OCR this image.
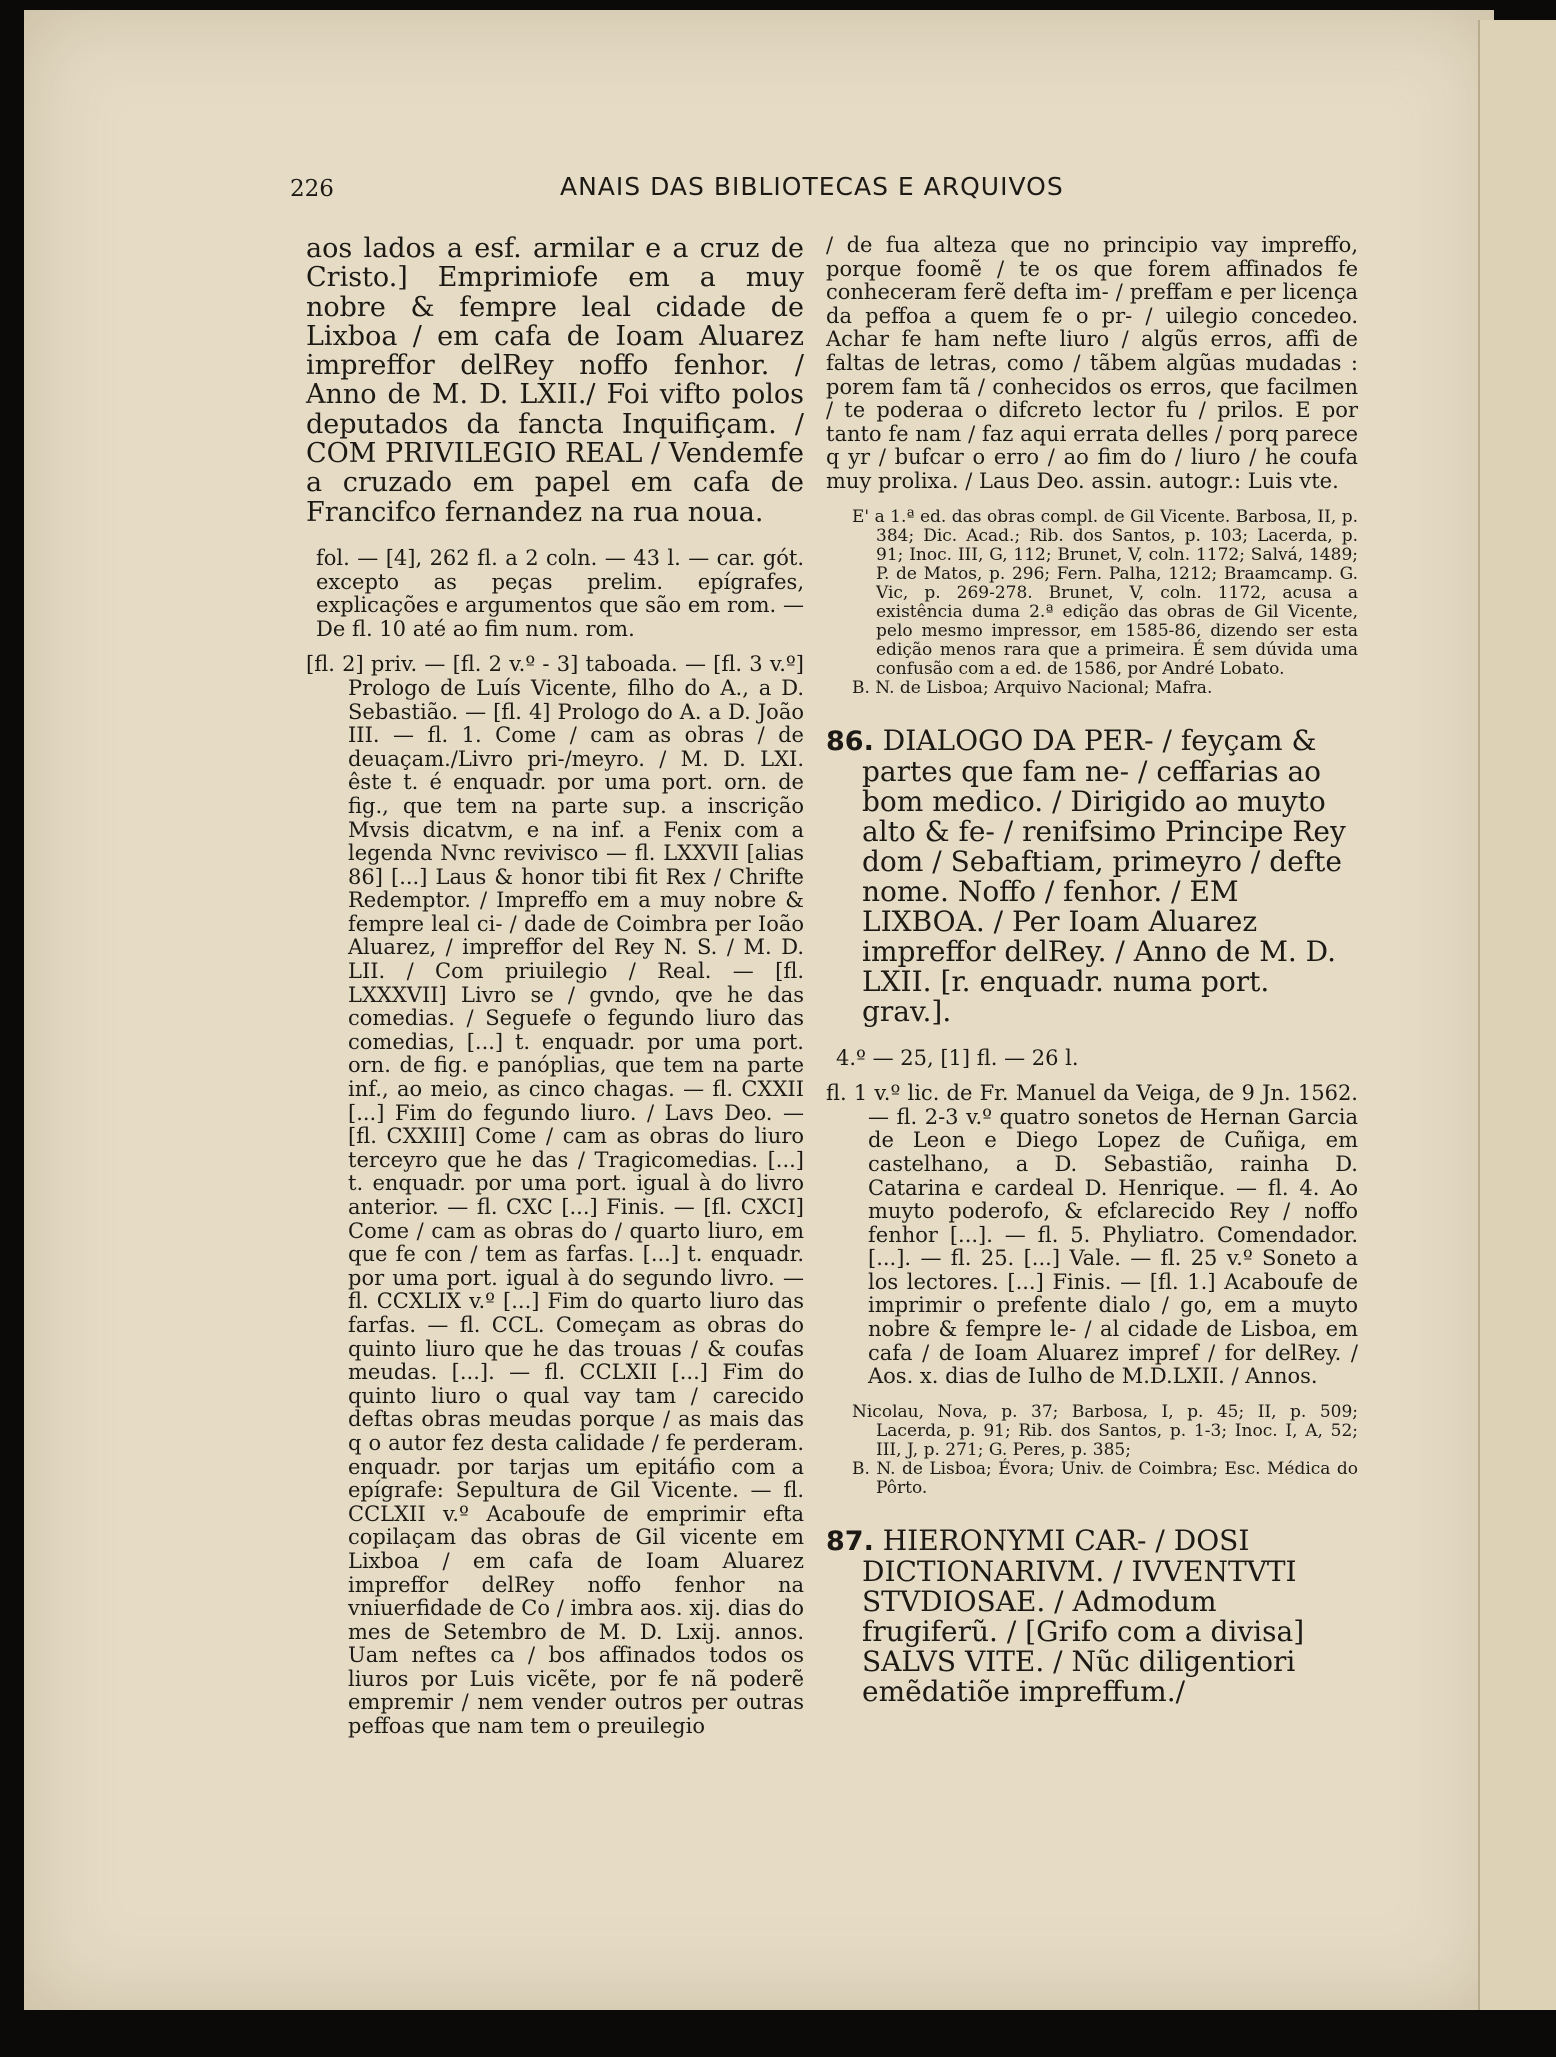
226	ANAIS DAS BIBLIOTECAS E ARQUIVOS

aos lados a esf. armilar e a cruz de Cristo.] Emprimiofe em a muy nobre & fempre leal cidade de Lixboa / em cafa de Ioam Aluarez impreffor delRey noffo fenhor. / Anno de M. D. LXII./ Foi vifto polos deputados da fancta Inquifiçam. / COM PRIVILEGIO REAL / Vendemfe a cruzado em papel em cafa de Francifco fernandez na rua noua.

fol. — [4], 262 fl. a 2 coln. — 43 l. — car. gót. excepto as peças prelim. epígrafes, explicações e argumentos que são em rom. — De fl. 10 até ao fim num. rom.

[fl. 2] priv. — [fl. 2 v.º - 3] taboada. — [fl. 3 v.º] Prologo de Luís Vicente, filho do A., a D. Sebastião. — [fl. 4] Prologo do A. a D. João III. — fl. 1. Come / cam as obras / de deuaçam./Livro pri-/meyro. / M. D. LXI. êste t. é enquadr. por uma port. orn. de fig., que tem na parte sup. a inscrição Mvsis dicatvm, e na inf. a Fenix com a legenda Nvnc revivisco — fl. LXXVII [alias 86] [...] Laus & honor tibi fit Rex / Chrifte Redemptor. / Impreffo em a muy nobre & fempre leal ci- / dade de Coimbra per Ioão Aluarez, / impreffor del Rey N. S. / M. D. LII. / Com priuilegio / Real. — [fl. LXXXVII] Livro se / gvndo, qve he das comedias. / Seguefe o fegundo liuro das comedias, [...] t. enquadr. por uma port. orn. de fig. e panóplias, que tem na parte inf., ao meio, as cinco chagas. — fl. CXXII [...] Fim do fegundo liuro. / Lavs Deo. — [fl. CXXIII] Come / cam as obras do liuro terceyro que he das / Tragicomedias. [...] t. enquadr. por uma port. igual à do livro anterior. — fl. CXC [...] Finis. — [fl. CXCI] Come / cam as obras do / quarto liuro, em que fe con / tem as farfas. [...] t. enquadr. por uma port. igual à do segundo livro. — fl. CCXLIX v.º [...] Fim do quarto liuro das farfas. — fl. CCL. Começam as obras do quinto liuro que he das trouas / & coufas meudas. [...]. — fl. CCLXII [...] Fim do quinto liuro o qual vay tam / carecido deftas obras meudas porque / as mais das q o autor fez desta calidade / fe perderam. enquadr. por tarjas um epitáfio com a epígrafe: Sepultura de Gil Vicente. — fl. CCLXII v.º Acaboufe de emprimir efta copilaçam das obras de Gil vicente em Lixboa / em cafa de Ioam Aluarez impreffor delRey noffo fenhor na vniuerfidade de Co / imbra aos. xij. dias do mes de Setembro de M. D. Lxij. annos. Uam neftes ca / bos affinados todos os liuros por Luis vicẽte, por fe nã poderẽ empremir / nem vender outros per outras peffoas que nam tem o preuilegio

/ de fua alteza que no principio vay impreffo, porque foomẽ / te os que forem affinados fe conheceram ferẽ defta im- / preffam e per licença da peffoa a quem fe o pr- / uilegio concedeo. Achar fe ham nefte liuro / algũs erros, affi de faltas de letras, como / tãbem algũas mudadas : porem fam tã / conhecidos os erros, que facilmen / te poderaa o difcreto lector fu / prilos. E por tanto fe nam / faz aqui errata delles / porq parece q yr / bufcar o erro / ao fim do / liuro / he coufa muy prolixa. / Laus Deo. assin. autogr.: Luis vte.

E' a 1.ª ed. das obras compl. de Gil Vicente. Barbosa, II, p. 384; Dic. Acad.; Rib. dos Santos, p. 103; Lacerda, p. 91; Inoc. III, G, 112; Brunet, V, coln. 1172; Salvá, 1489; P. de Matos, p. 296; Fern. Palha, 1212; Braamcamp. G. Vic, p. 269-278. Brunet, V, coln. 1172, acusa a existência duma 2.ª edição das obras de Gil Vicente, pelo mesmo impressor, em 1585-86, dizendo ser esta edição menos rara que a primeira. É sem dúvida uma confusão com a ed. de 1586, por André Lobato.

B. N. de Lisboa; Arquivo Nacional; Mafra.

86. DIALOGO DA PER- / feyçam & partes que fam ne- / ceffarias ao bom medico. / Dirigido ao muyto alto & fe- / renifsimo Principe Rey dom / Sebaftiam, primeyro / defte nome. Noffo / fenhor. / EM LIXBOA. / Per Ioam Aluarez impreffor delRey. / Anno de M. D. LXII. [r. enquadr. numa port. grav.].

4.º — 25, [1] fl. — 26 l.

fl. 1 v.º lic. de Fr. Manuel da Veiga, de 9 Jn. 1562. — fl. 2-3 v.º quatro sonetos de Hernan Garcia de Leon e Diego Lopez de Cuñiga, em castelhano, a D. Sebastião, rainha D. Catarina e cardeal D. Henrique. — fl. 4. Ao muyto poderofo, & efclarecido Rey / noffo fenhor [...]. — fl. 5. Phyliatro. Comendador. [...]. — fl. 25. [...] Vale. — fl. 25 v.º Soneto a los lectores. [...] Finis. — [fl. 1.] Acaboufe de imprimir o prefente dialo / go, em a muyto nobre & fempre le- / al cidade de Lisboa, em cafa / de Ioam Aluarez impref / for delRey. / Aos. x. dias de Iulho de M.D.LXII. / Annos.

Nicolau, Nova, p. 37; Barbosa, I, p. 45; II, p. 509; Lacerda, p. 91; Rib. dos Santos, p. 1-3; Inoc. I, A, 52; III, J, p. 271; G. Peres, p. 385;

B. N. de Lisboa; Évora; Univ. de Coimbra; Esc. Médica do Pôrto.

87. HIERONYMI CAR- / DOSI DICTIONARIVM. / IVVENTVTI STVDIOSAE. / Admodum frugiferũ. / [Grifo com a divisa] SALVS VITE. / Nũc diligentiori emẽdatiõe impreffum./
